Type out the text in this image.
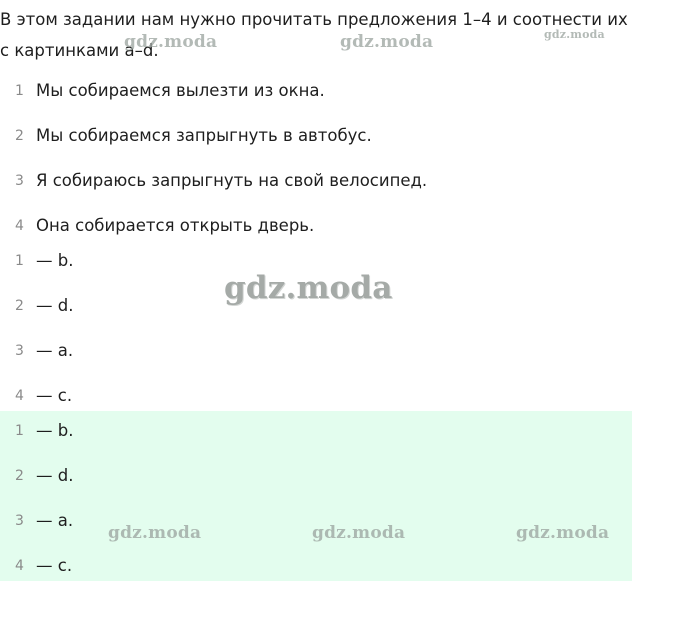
В этом задании нам нужно прочитать предложения 1–4 и соотнести их с картинками a–d.

1 Мы собираемся вылезти из окна.
2 Мы собираемся запрыгнуть в автобус.
3 Я собираюсь запрыгнуть на свой велосипед.
4 Она собирается открыть дверь.
1 — b.
2 — d.
3 — a.
4 — c.
1 — b.
2 — d.
3 — a.
4 — c.
gdz.moda	gdz.moda	gdz.moda
gdz.moda
gdz.moda	gdz.moda	gdz.moda
